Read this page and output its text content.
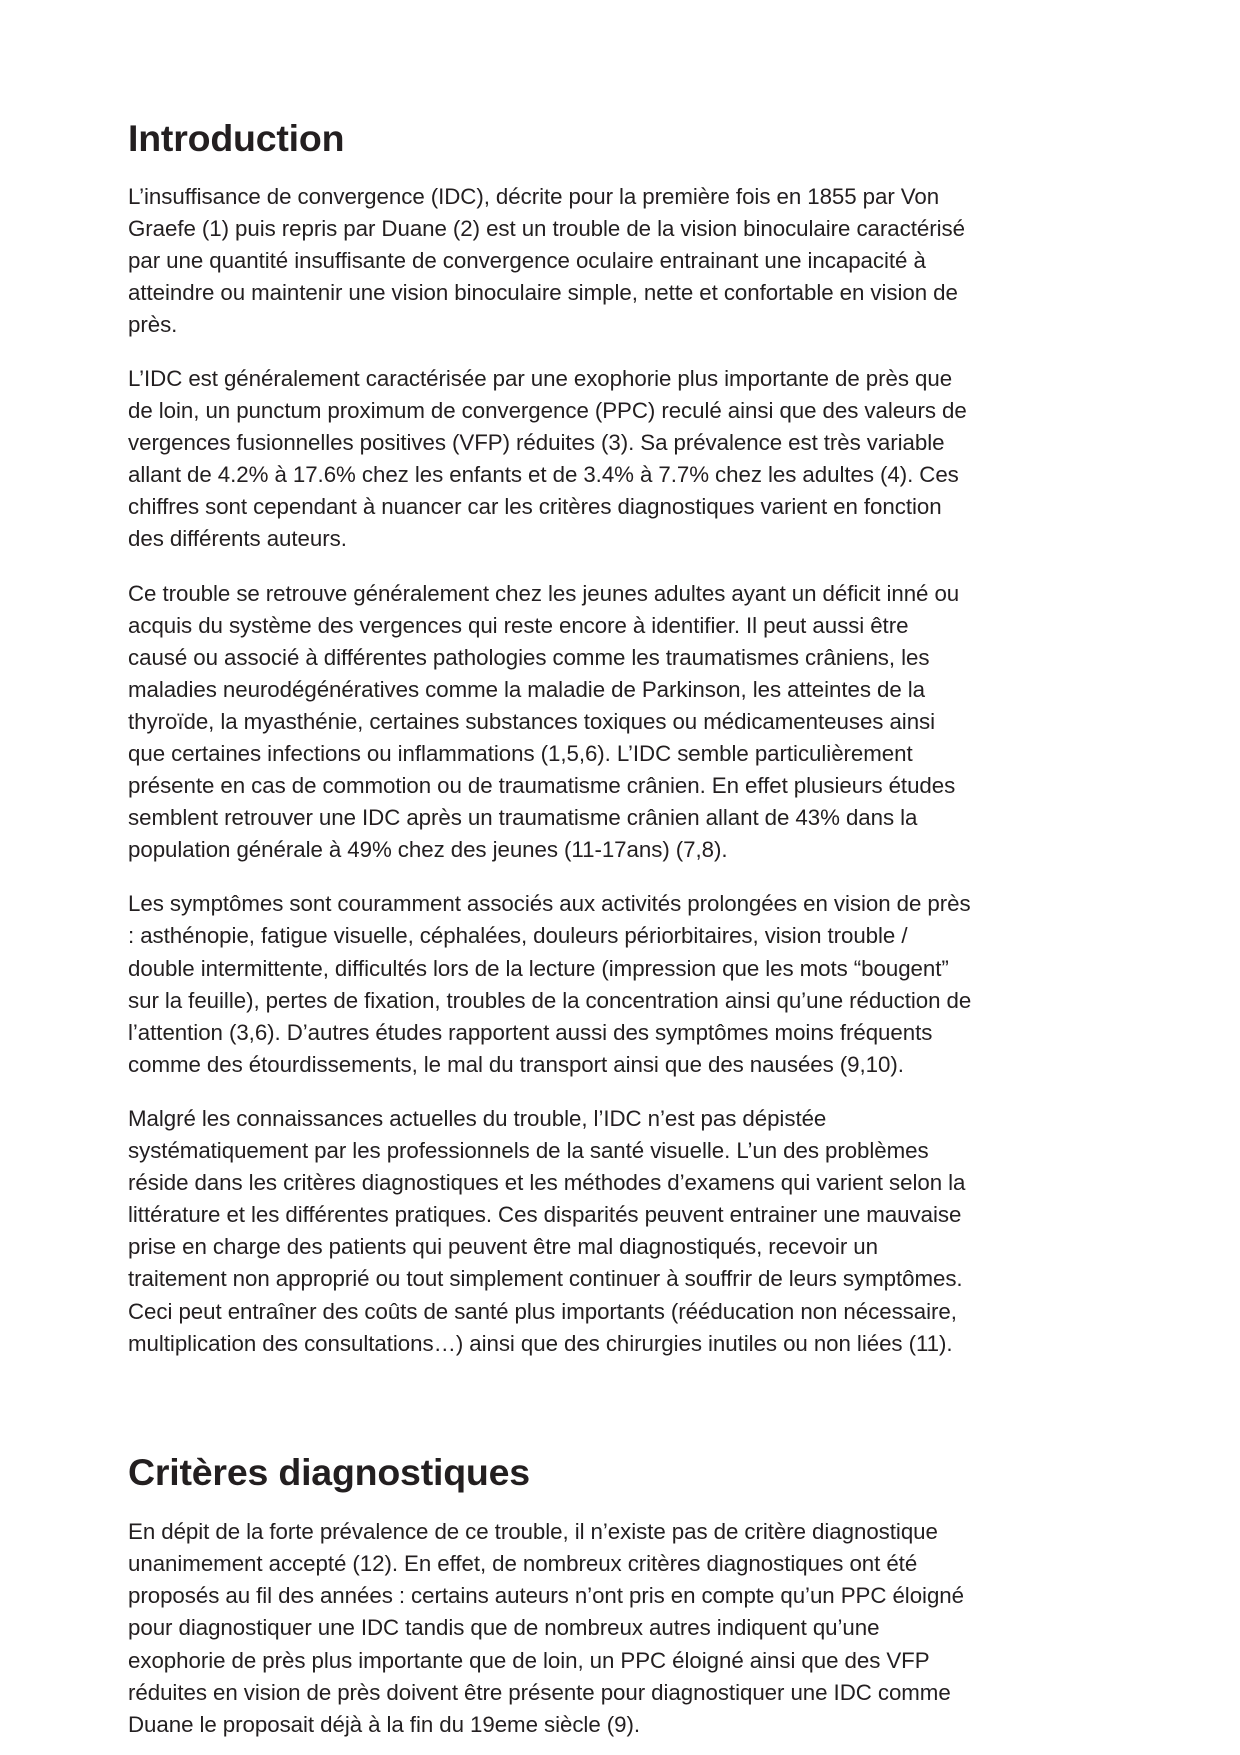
Introduction

L’insuffisance de convergence (IDC), décrite pour la première fois en 1855 par Von Graefe (1) puis repris par Duane (2) est un trouble de la vision binoculaire caractérisé par une quantité insuffisante de convergence oculaire entrainant une incapacité à atteindre ou maintenir une vision binoculaire simple, nette et confortable en vision de près.

L’IDC est généralement caractérisée par une exophorie plus importante de près que de loin, un punctum proximum de convergence (PPC) reculé ainsi que des valeurs de vergences fusionnelles positives (VFP) réduites (3). Sa prévalence est très variable allant de 4.2% à 17.6% chez les enfants et de 3.4% à 7.7% chez les adultes (4). Ces chiffres sont cependant à nuancer car les critères diagnostiques varient en fonction des différents auteurs.

Ce trouble se retrouve généralement chez les jeunes adultes ayant un déficit inné ou acquis du système des vergences qui reste encore à identifier. Il peut aussi être causé ou associé à différentes pathologies comme les traumatismes crâniens, les maladies neurodégénératives comme la maladie de Parkinson, les atteintes de la thyroïde, la myasthénie, certaines substances toxiques ou médicamenteuses ainsi que certaines infections ou inflammations (1,5,6). L’IDC semble particulièrement présente en cas de commotion ou de traumatisme crânien. En effet plusieurs études semblent retrouver une IDC après un traumatisme crânien allant de 43% dans la population générale à 49% chez des jeunes (11-17ans) (7,8).

Les symptômes sont couramment associés aux activités prolongées en vision de près : asthénopie, fatigue visuelle, céphalées, douleurs périorbitaires, vision trouble / double intermittente, difficultés lors de la lecture (impression que les mots “bougent” sur la feuille), pertes de fixation, troubles de la concentration ainsi qu’une réduction de l’attention (3,6). D’autres études rapportent aussi des symptômes moins fréquents comme des étourdissements, le mal du transport ainsi que des nausées (9,10).

Malgré les connaissances actuelles du trouble, l’IDC n’est pas dépistée systématiquement par les professionnels de la santé visuelle. L’un des problèmes réside dans les critères diagnostiques et les méthodes d’examens qui varient selon la littérature et les différentes pratiques. Ces disparités peuvent entrainer une mauvaise prise en charge des patients qui peuvent être mal diagnostiqués, recevoir un traitement non approprié ou tout simplement continuer à souffrir de leurs symptômes. Ceci peut entraîner des coûts de santé plus importants (rééducation non nécessaire, multiplication des consultations…) ainsi que des chirurgies inutiles ou non liées (11).

Critères diagnostiques

En dépit de la forte prévalence de ce trouble, il n’existe pas de critère diagnostique unanimement accepté (12). En effet, de nombreux critères diagnostiques ont été proposés au fil des années : certains auteurs n’ont pris en compte qu’un PPC éloigné pour diagnostiquer une IDC tandis que de nombreux autres indiquent qu’une exophorie de près plus importante que de loin, un PPC éloigné ainsi que des VFP réduites en vision de près doivent être présente pour diagnostiquer une IDC comme Duane le proposait déjà à la fin du 19eme siècle (9).
